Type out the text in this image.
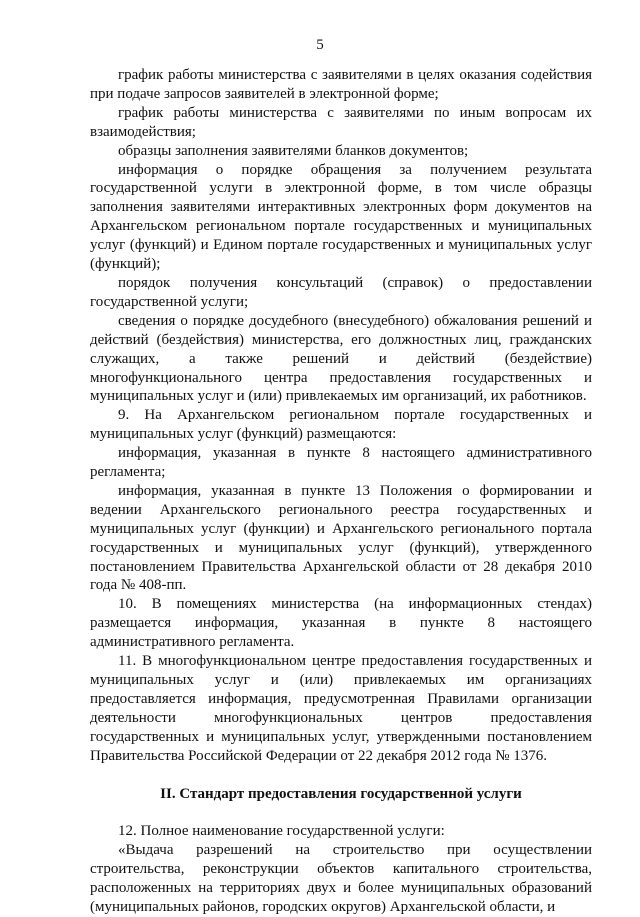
5

график работы министерства с заявителями в целях оказания содействия при подаче запросов заявителей в электронной форме;

график работы министерства с заявителями по иным вопросам их взаимодействия;

образцы заполнения заявителями бланков документов;

информация о порядке обращения за получением результата государственной услуги в электронной форме, в том числе образцы заполнения заявителями интерактивных электронных форм документов на Архангельском региональном портале государственных и муниципальных услуг (функций) и Едином портале государственных и муниципальных услуг (функций);

порядок получения консультаций (справок) о предоставлении государственной услуги;

сведения о порядке досудебного (внесудебного) обжалования решений и действий (бездействия) министерства, его должностных лиц, гражданских служащих, а также решений и действий (бездействие) многофункционального центра предоставления государственных и муниципальных услуг и (или) привлекаемых им организаций, их работников.

9. На Архангельском региональном портале государственных и муниципальных услуг (функций) размещаются:

информация, указанная в пункте 8 настоящего административного регламента;

информация, указанная в пункте 13 Положения о формировании и ведении Архангельского регионального реестра государственных и муниципальных услуг (функции) и Архангельского регионального портала государственных и муниципальных услуг (функций), утвержденного постановлением Правительства Архангельской области от 28 декабря 2010 года № 408-пп.

10. В помещениях министерства (на информационных стендах) размещается информация, указанная в пункте 8 настоящего административного регламента.

11. В многофункциональном центре предоставления государственных и муниципальных услуг и (или) привлекаемых им организациях предоставляется информация, предусмотренная Правилами организации деятельности многофункциональных центров предоставления государственных и муниципальных услуг, утвержденными постановлением Правительства Российской Федерации от 22 декабря 2012 года № 1376.

II. Стандарт предоставления государственной услуги

12. Полное наименование государственной услуги:

«Выдача разрешений на строительство при осуществлении строительства, реконструкции объектов капитального строительства, расположенных на территориях двух и более муниципальных образований (муниципальных районов, городских округов) Архангельской области, и
